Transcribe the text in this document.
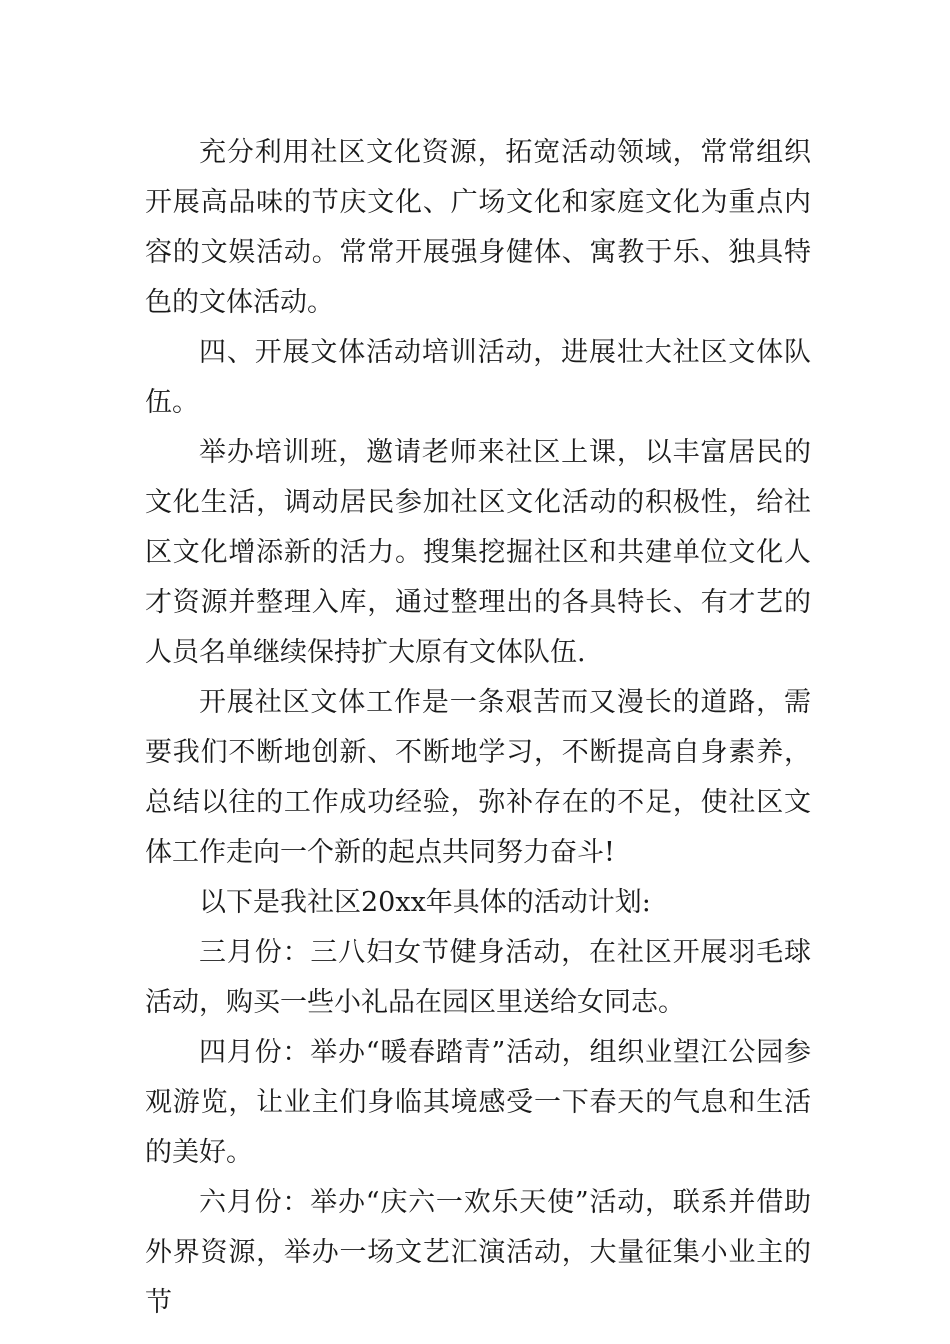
充分利用社区文化资源，拓宽活动领域，常常组织开展高品味的节庆文化、广场文化和家庭文化为重点内容的文娱活动。常常开展强身健体、寓教于乐、独具特色的文体活动。

四、开展文体活动培训活动，进展壮大社区文体队伍。

举办培训班，邀请老师来社区上课，以丰富居民的文化生活，调动居民参加社区文化活动的积极性，给社区文化增添新的活力。搜集挖掘社区和共建单位文化人才资源并整理入库，通过整理出的各具特长、有才艺的人员名单继续保持扩大原有文体队伍.

开展社区文体工作是一条艰苦而又漫长的道路，需要我们不断地创新、不断地学习，不断提高自身素养，总结以往的工作成功经验，弥补存在的不足，使社区文体工作走向一个新的起点共同努力奋斗!

以下是我社区20xx年具体的活动计划:

三月份：三八妇女节健身活动，在社区开展羽毛球活动，购买一些小礼品在园区里送给女同志。

四月份：举办“暖春踏青”活动，组织业望江公园参观游览，让业主们身临其境感受一下春天的气息和生活的美好。

六月份：举办“庆六一欢乐天使”活动，联系并借助外界资源，举办一场文艺汇演活动，大量征集小业主的节
